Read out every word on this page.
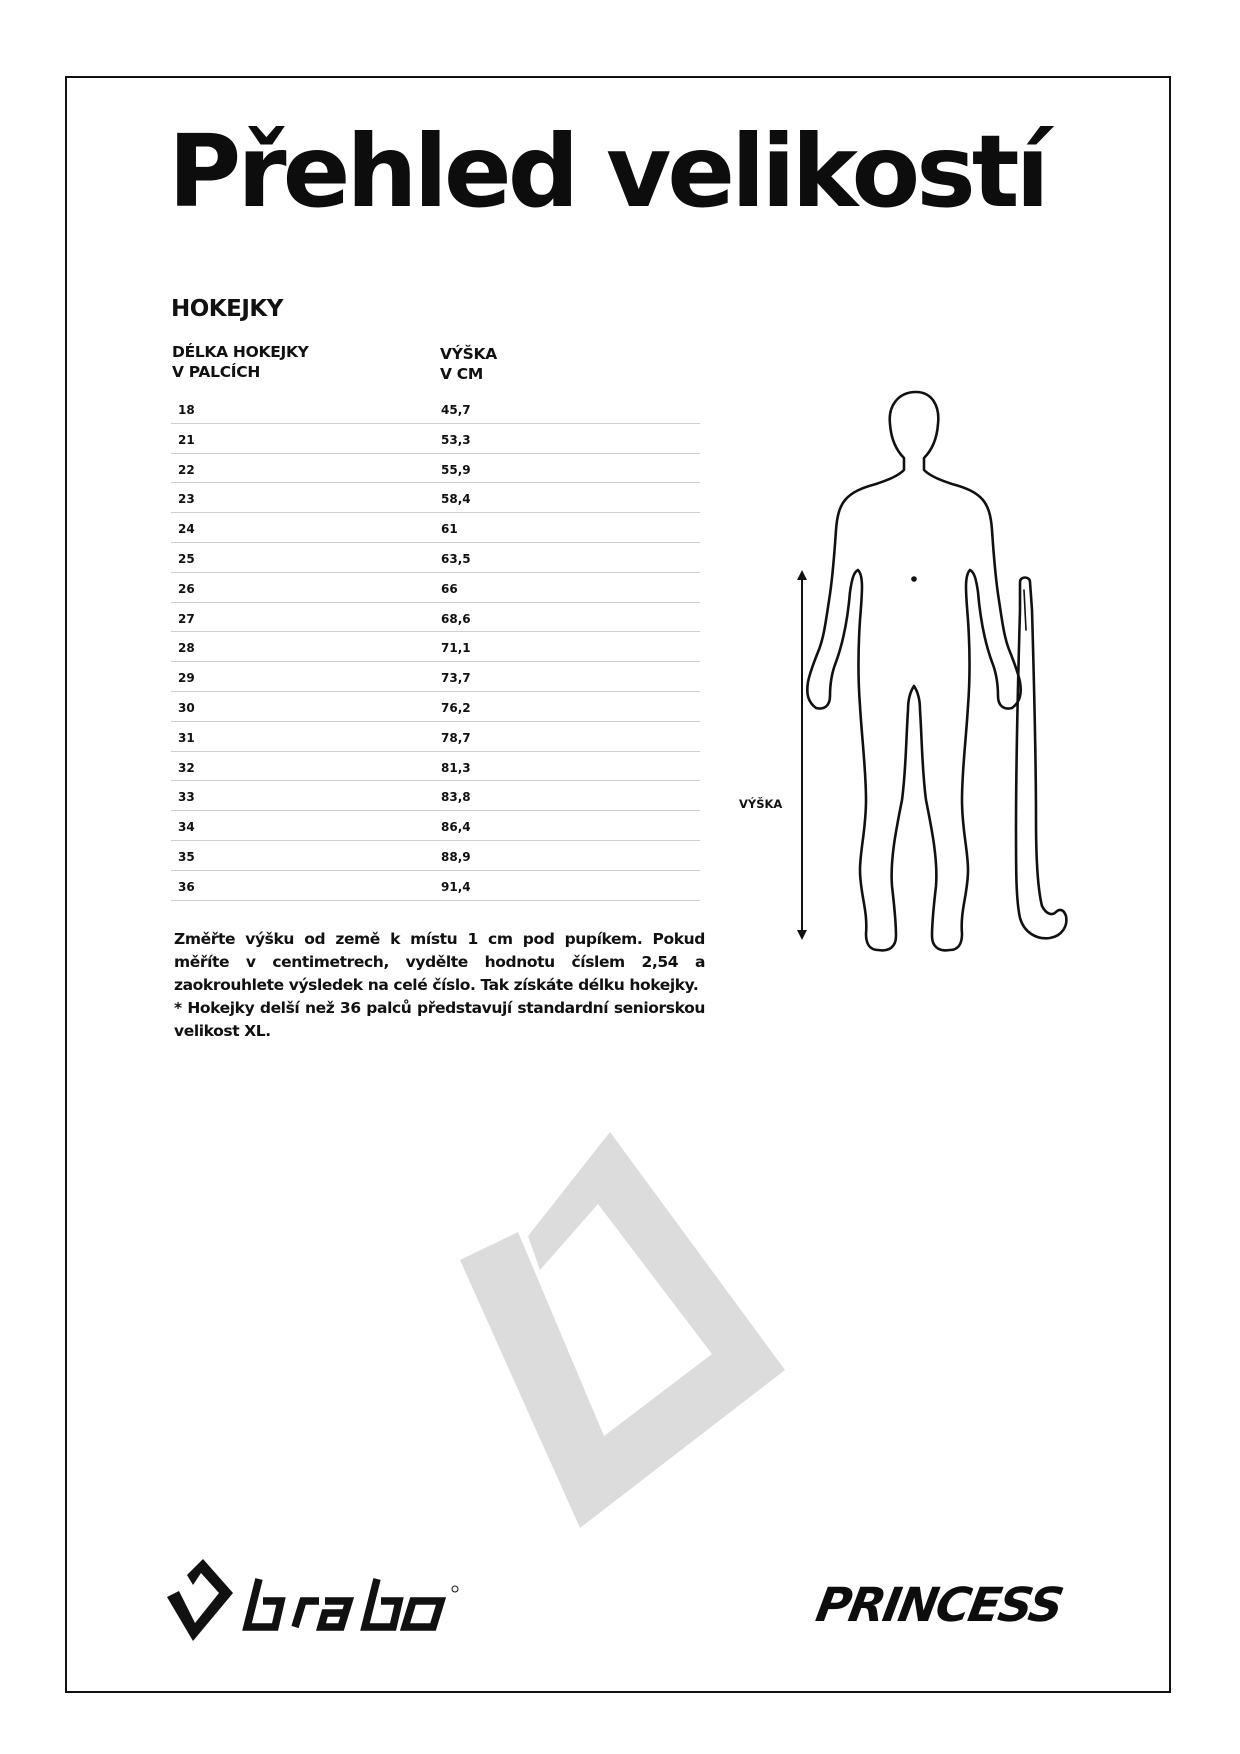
Přehled velikostí
HOKEJKY
DÉLKA HOKEJKY
V PALCÍCH
VÝŠKA
V CM
18	45,7
21	53,3
22	55,9
23	58,4
24	61
25	63,5
26	66
27	68,6
28	71,1
29	73,7
30	76,2
31	78,7
32	81,3
33	83,8
34	86,4
35	88,9
36	91,4

Změřte výšku od země k místu 1 cm pod pupíkem. Pokud měříte v centimetrech, vydělte hodnotu číslem 2,54 a zaokrouhlete výsledek na celé číslo. Tak získáte délku hokejky.

* Hokejky delší než 36 palců představují standardní seniorskou velikost XL.

VÝŠKA
PRINCESS
